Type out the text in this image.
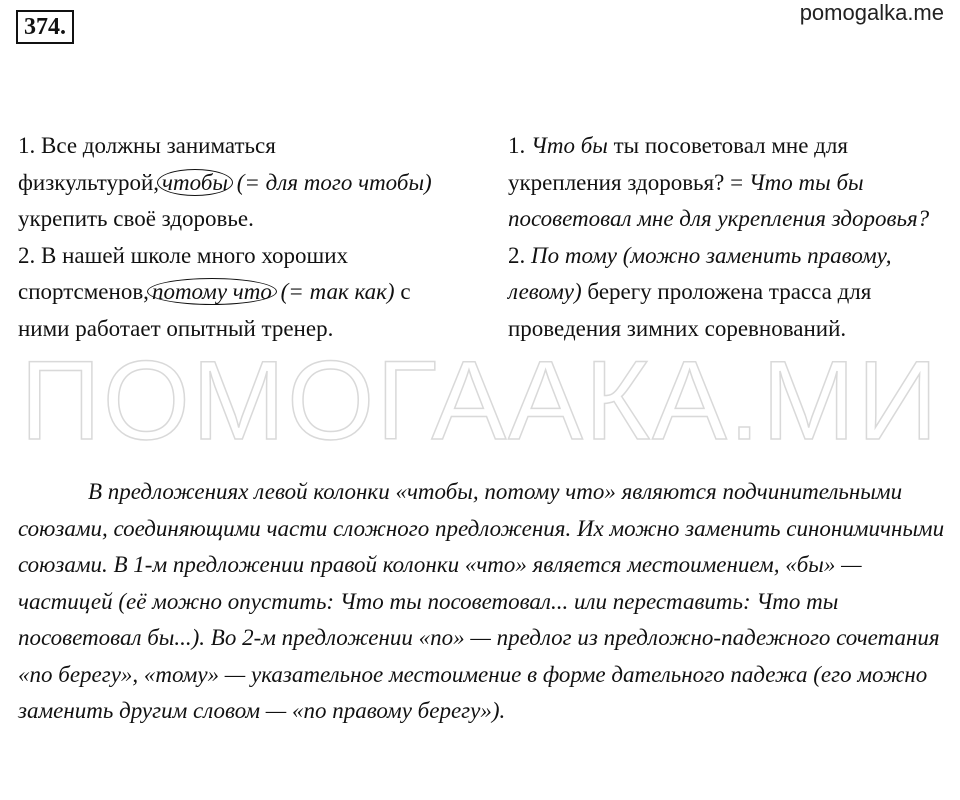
374.
pomogalka.me
ПОМОГААКА.МИ

1. Все должны заниматься физкультурой, чтобы (= для того чтобы) укрепить своё здоровье.

2. В нашей школе много хороших спортсменов, потому что (= так как) с ними работает опытный тренер.

1. Что бы ты посоветовал мне для укрепления здоровья? = Что ты бы посоветовал мне для укрепления здоровья?

2. По тому (можно заменить правому, левому) берегу проложена трасса для проведения зимних соревнований.

В предложениях левой колонки «чтобы, потому что» являются подчинительными союзами, соединяющими части сложного предложения. Их можно заменить синонимичными союзами. В 1-м предложении правой колонки «что» является местоимением, «бы» — частицей (её можно опустить: Что ты посоветовал... или переставить: Что ты посоветовал бы...). Во 2-м предложении «по» — предлог из предложно-падежного сочетания «по берегу», «тому» — указательное местоимение в форме дательного падежа (его можно заменить другим словом — «по правому берегу»).
